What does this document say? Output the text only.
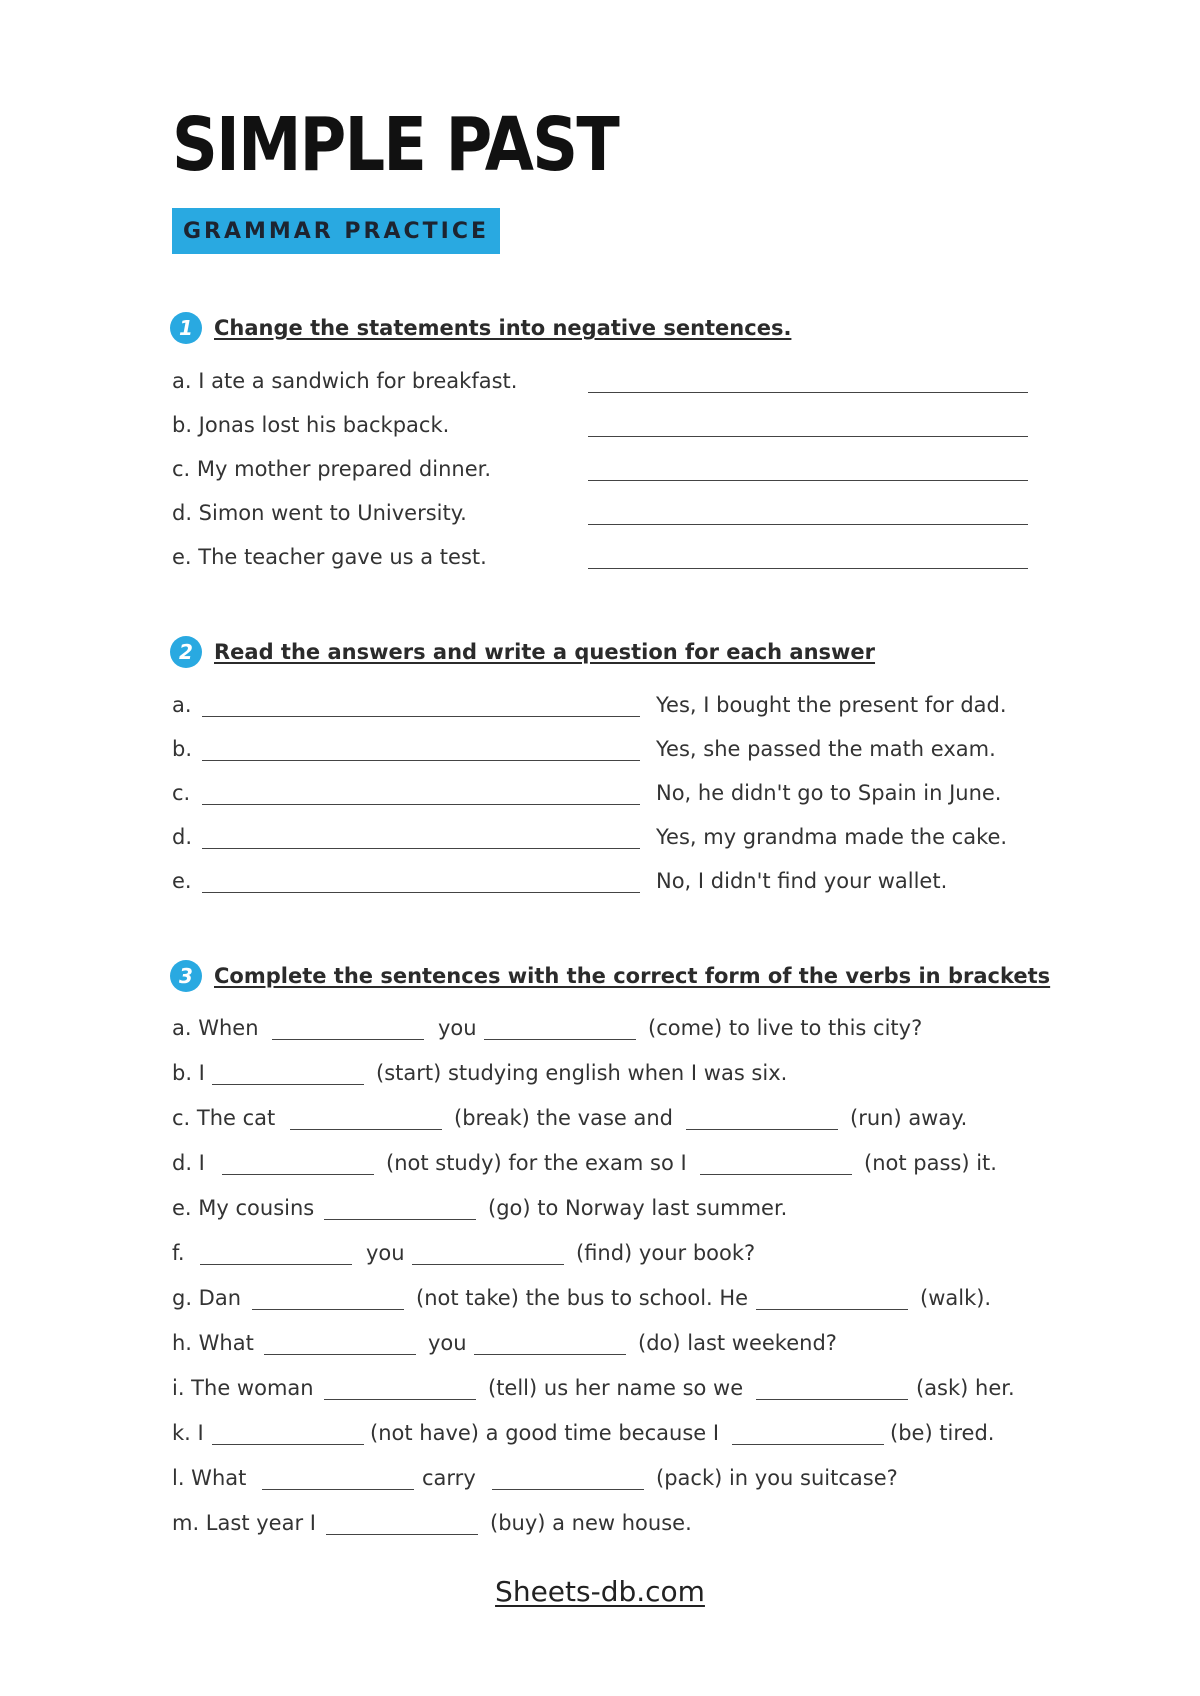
SIMPLE PAST
GRAMMAR PRACTICE
1	Change the statements into negative sentences.
a. I ate a sandwich for breakfast.
b. Jonas lost his backpack.
c. My mother prepared dinner.
d. Simon went to University.
e. The teacher gave us a test.
2	Read the answers and write a question for each answer
a.	Yes, I bought the present for dad.
b.	Yes, she passed the math exam.
c.	No, he didn't go to Spain in June.
d.	Yes, my grandma made the cake.
e.	No, I didn't find your wallet.
3	Complete the sentences with the correct form of the verbs in brackets
a. When	you	(come) to live to this city?
b. I	(start) studying english when I was six.
c. The cat	(break) the vase and	(run) away.
d. I	(not study) for the exam so I	(not pass) it.
e. My cousins	(go) to Norway last summer.
f.	you	(find) your book?
g. Dan	(not take) the bus to school. He	(walk).
h. What	you	(do) last weekend?
i. The woman	(tell) us her name so we	(ask) her.
k. I	(not have) a good time because I	(be) tired.
l. What	carry	(pack) in you suitcase?
m. Last year I	(buy) a new house.
Sheets-db.com
